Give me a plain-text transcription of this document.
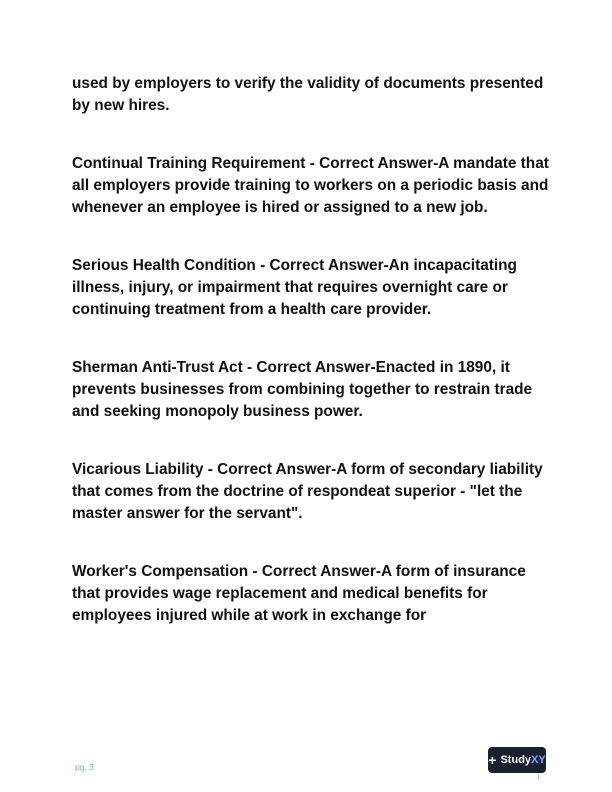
used by employers to verify the validity of documents presented by new hires.

Continual Training Requirement - Correct Answer-A mandate that all employers provide training to workers on a periodic basis and whenever an employee is hired or assigned to a new job.

Serious Health Condition - Correct Answer-An incapacitating illness, injury, or impairment that requires overnight care or continuing treatment from a health care provider.

Sherman Anti-Trust Act - Correct Answer-Enacted in 1890, it prevents businesses from combining together to restrain trade and seeking monopoly business power.

Vicarious Liability - Correct Answer-A form of secondary liability that comes from the doctrine of respondeat superior - "let the master answer for the servant".

Worker's Compensation - Correct Answer-A form of insurance that provides wage replacement and medical benefits for employees injured while at work in exchange for

pg. 3	+ StudyXY
1
